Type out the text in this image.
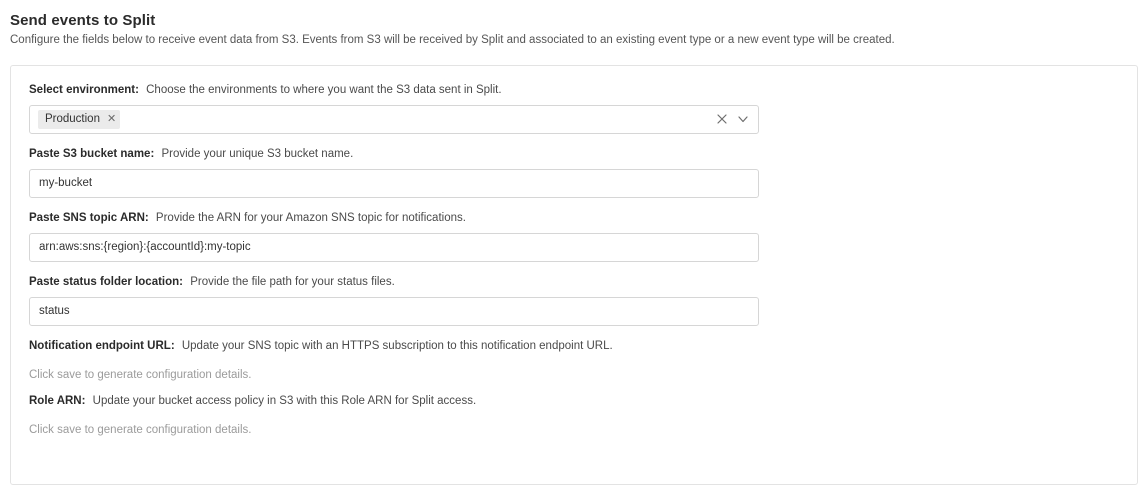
Send events to Split

Configure the fields below to receive event data from S3. Events from S3 will be received by Split and associated to an existing event type or a new event type will be created.

Select environment: Choose the environments to where you want the S3 data sent in Split.
Production ✕
Paste S3 bucket name: Provide your unique S3 bucket name.
my-bucket
Paste SNS topic ARN: Provide the ARN for your Amazon SNS topic for notifications.
arn:aws:sns:{region}:{accountId}:my-topic
Paste status folder location: Provide the file path for your status files.
status
Notification endpoint URL: Update your SNS topic with an HTTPS subscription to this notification endpoint URL.

Click save to generate configuration details.

Role ARN: Update your bucket access policy in S3 with this Role ARN for Split access.

Click save to generate configuration details.
